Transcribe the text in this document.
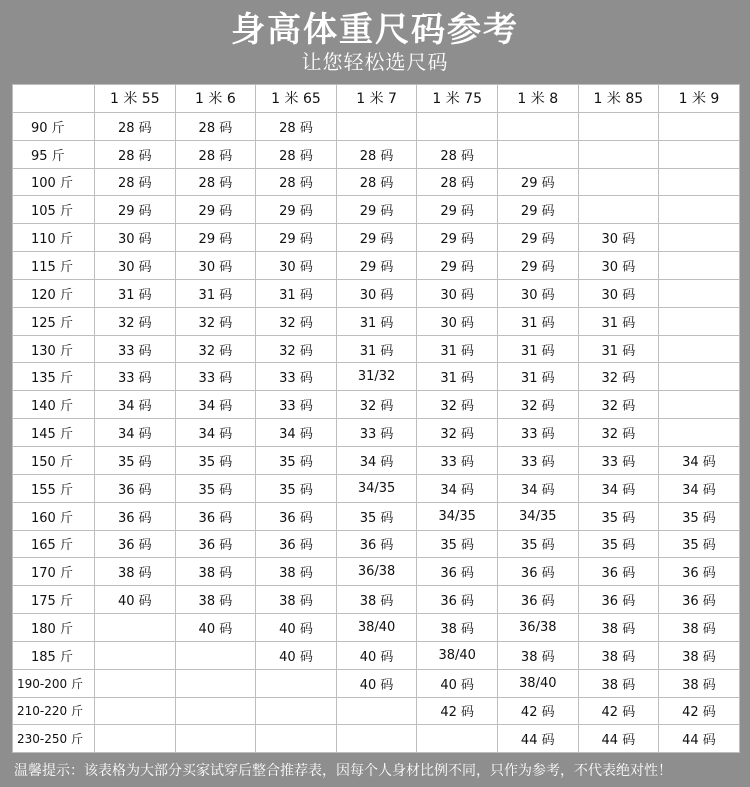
身高体重尺码参考
让您轻松选尺码
	1 米 55	1 米 6	1 米 65	1 米 7	1 米 75	1 米 8	1 米 85	1 米 9
90 斤	28 码	28 码	28 码					
95 斤	28 码	28 码	28 码	28 码	28 码			
100 斤	28 码	28 码	28 码	28 码	28 码	29 码		
105 斤	29 码	29 码	29 码	29 码	29 码	29 码		
110 斤	30 码	29 码	29 码	29 码	29 码	29 码	30 码	
115 斤	30 码	30 码	30 码	29 码	29 码	29 码	30 码	
120 斤	31 码	31 码	31 码	30 码	30 码	30 码	30 码	
125 斤	32 码	32 码	32 码	31 码	30 码	31 码	31 码	
130 斤	33 码	32 码	32 码	31 码	31 码	31 码	31 码	
135 斤	33 码	33 码	33 码	31/32	31 码	31 码	32 码	
140 斤	34 码	34 码	33 码	32 码	32 码	32 码	32 码	
145 斤	34 码	34 码	34 码	33 码	32 码	33 码	32 码	
150 斤	35 码	35 码	35 码	34 码	33 码	33 码	33 码	34 码
155 斤	36 码	35 码	35 码	34/35	34 码	34 码	34 码	34 码
160 斤	36 码	36 码	36 码	35 码	34/35	34/35	35 码	35 码
165 斤	36 码	36 码	36 码	36 码	35 码	35 码	35 码	35 码
170 斤	38 码	38 码	38 码	36/38	36 码	36 码	36 码	36 码
175 斤	40 码	38 码	38 码	38 码	36 码	36 码	36 码	36 码
180 斤		40 码	40 码	38/40	38 码	36/38	38 码	38 码
185 斤			40 码	40 码	38/40	38 码	38 码	38 码
190-200 斤				40 码	40 码	38/40	38 码	38 码
210-220 斤					42 码	42 码	42 码	42 码
230-250 斤						44 码	44 码	44 码
温馨提示：该表格为大部分买家试穿后整合推荐表，因每个人身材比例不同，只作为参考，不代表绝对性！
